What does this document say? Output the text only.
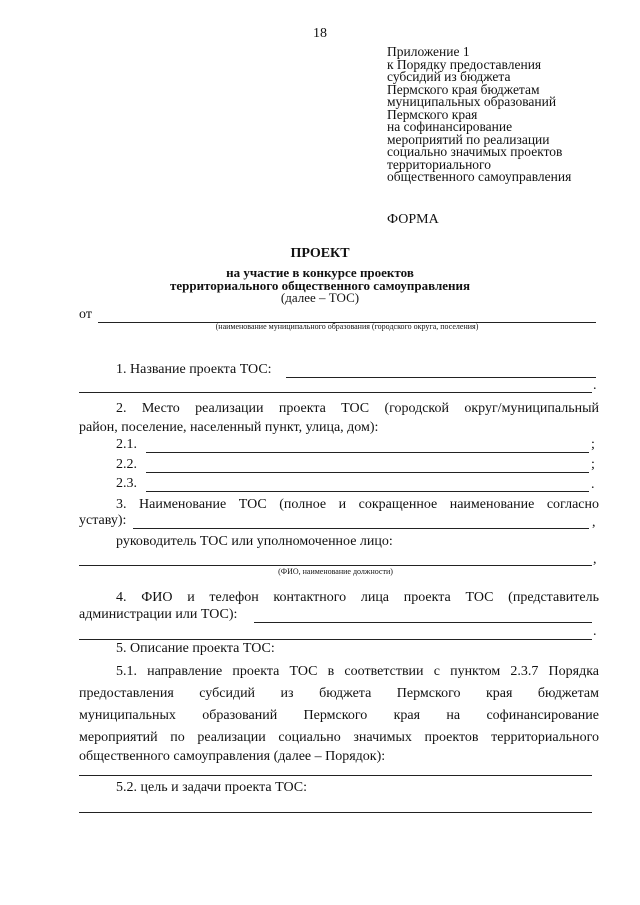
18
Приложение 1
к Порядку предоставления
субсидий из бюджета
Пермского края бюджетам
муниципальных образований
Пермского края
на софинансирование
мероприятий по реализации
социально значимых проектов
территориального
общественного самоуправления
ФОРМА
ПРОЕКТ
на участие в конкурсе проектов
территориального общественного самоуправления
(далее – ТОС)
от
(наименование муниципального образования (городского округа, поселения)
1. Название проекта ТОС:
.
2. Место реализации проекта ТОС (городской округ/муниципальный
район, поселение, населенный пункт, улица, дом):
2.1.	;
2.2.	;
2.3.	.
3. Наименование ТОС (полное и сокращенное наименование согласно
уставу):	,
руководитель ТОС или уполномоченное лицо:
,
(ФИО, наименование должности)
4. ФИО и телефон контактного лица проекта ТОС (представитель
администрации или ТОС):
.
5. Описание проекта ТОС:
5.1. направление проекта ТОС в соответствии с пунктом 2.3.7 Порядка
предоставления субсидий из бюджета Пермского края бюджетам
муниципальных образований Пермского края на софинансирование
мероприятий по реализации социально значимых проектов территориального
общественного самоуправления (далее – Порядок):
5.2. цель и задачи проекта ТОС:
